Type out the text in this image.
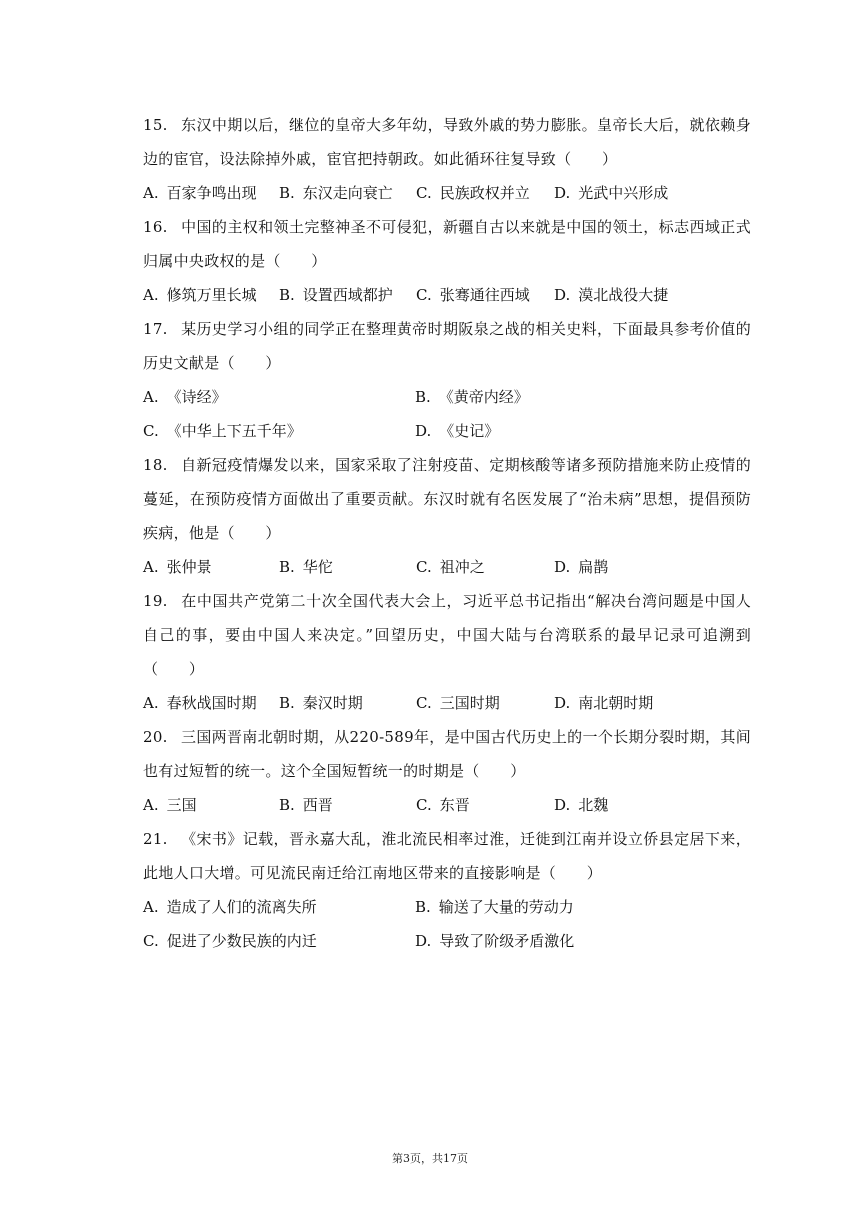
15. 东汉中期以后，继位的皇帝大多年幼，导致外戚的势力膨胀。皇帝长大后，就依赖身边的宦官，设法除掉外戚，宦官把持朝政。如此循环往复导致（　　）

A. 百家争鸣出现	B. 东汉走向衰亡	C. 民族政权并立	D. 光武中兴形成

16. 中国的主权和领土完整神圣不可侵犯，新疆自古以来就是中国的领土，标志西域正式归属中央政权的是（　　）

A. 修筑万里长城	B. 设置西域都护	C. 张骞通往西域	D. 漠北战役大捷

17. 某历史学习小组的同学正在整理黄帝时期阪泉之战的相关史料，下面最具参考价值的历史文献是（　　）

A. 《诗经》	B. 《黄帝内经》
C. 《中华上下五千年》	D. 《史记》

18. 自新冠疫情爆发以来，国家采取了注射疫苗、定期核酸等诸多预防措施来防止疫情的蔓延，在预防疫情方面做出了重要贡献。东汉时就有名医发展了“治未病”思想，提倡预防疾病，他是（　　）

A. 张仲景	B. 华佗	C. 祖冲之	D. 扁鹊

19. 在中国共产党第二十次全国代表大会上，习近平总书记指出“解决台湾问题是中国人自己的事，要由中国人来决定。”回望历史，中国大陆与台湾联系的最早记录可追溯到（　　）

A. 春秋战国时期	B. 秦汉时期	C. 三国时期	D. 南北朝时期

20. 三国两晋南北朝时期，从220-589年，是中国古代历史上的一个长期分裂时期，其间也有过短暂的统一。这个全国短暂统一的时期是（　　）

A. 三国	B. 西晋	C. 东晋	D. 北魏

21. 《宋书》记载，晋永嘉大乱，淮北流民相率过淮，迁徙到江南并设立侨县定居下来，此地人口大增。可见流民南迁给江南地区带来的直接影响是（　　）

A. 造成了人们的流离失所	B. 输送了大量的劳动力
C. 促进了少数民族的内迁	D. 导致了阶级矛盾激化
第3页，共17页
